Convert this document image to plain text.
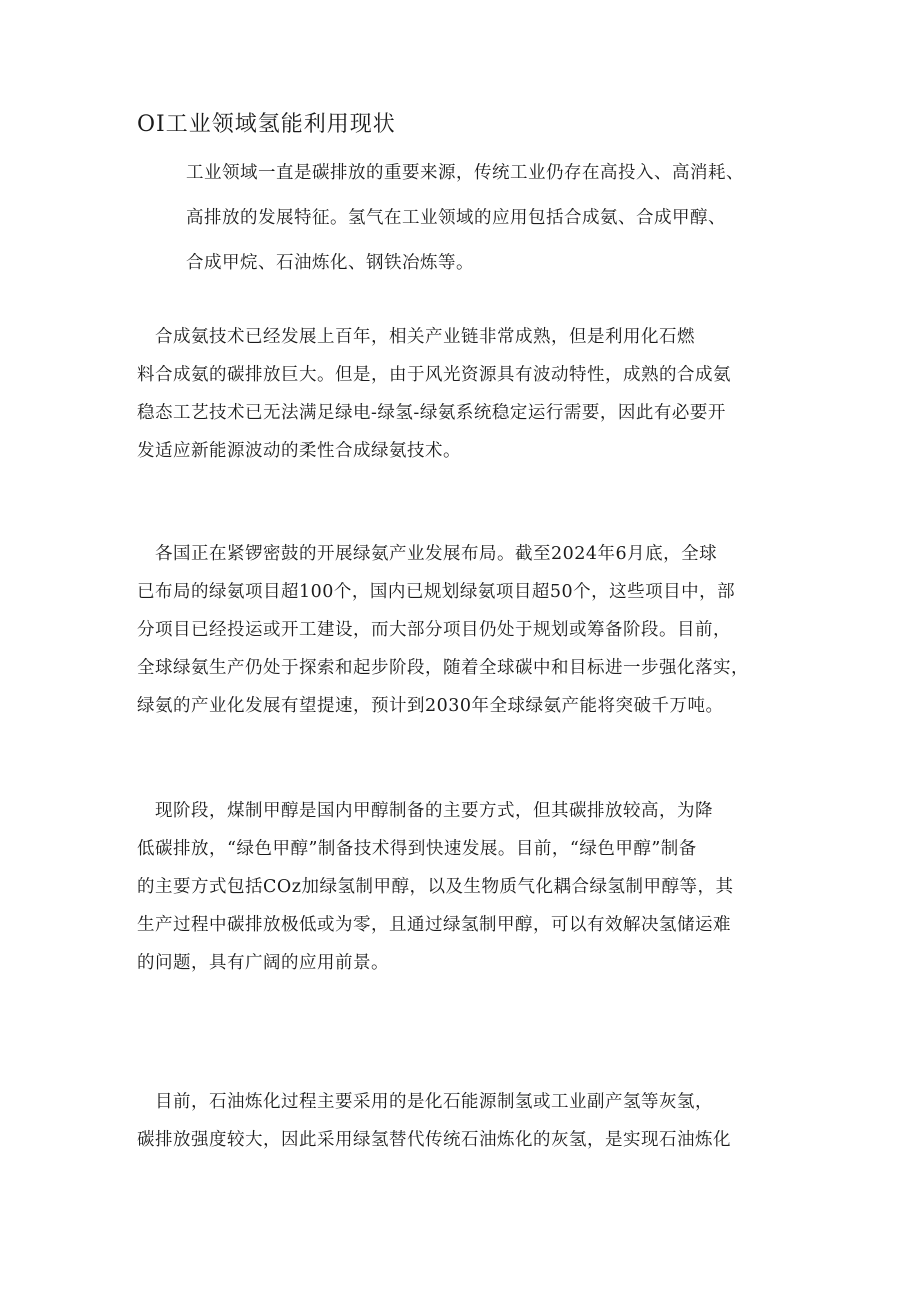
OI工业领域氢能利用现状
工业领域一直是碳排放的重要来源，传统工业仍存在高投入、高消耗、
高排放的发展特征。氢气在工业领域的应用包括合成氨、合成甲醇、
合成甲烷、石油炼化、钢铁冶炼等。
　合成氨技术已经发展上百年，相关产业链非常成熟，但是利用化石燃
料合成氨的碳排放巨大。但是，由于风光资源具有波动特性，成熟的合成氨
稳态工艺技术已无法满足绿电-绿氢-绿氨系统稳定运行需要，因此有必要开
发适应新能源波动的柔性合成绿氨技术。
　各国正在紧锣密鼓的开展绿氨产业发展布局。截至2024年6月底，全球
已布局的绿氨项目超100个，国内已规划绿氨项目超50个，这些项目中，部
分项目已经投运或开工建设，而大部分项目仍处于规划或筹备阶段。目前，
全球绿氨生产仍处于探索和起步阶段，随着全球碳中和目标进一步强化落实，
绿氨的产业化发展有望提速，预计到2030年全球绿氨产能将突破千万吨。
　现阶段，煤制甲醇是国内甲醇制备的主要方式，但其碳排放较高，为降
低碳排放，“绿色甲醇”制备技术得到快速发展。目前，“绿色甲醇”制备
的主要方式包括COz加绿氢制甲醇，以及生物质气化耦合绿氢制甲醇等，其
生产过程中碳排放极低或为零，且通过绿氢制甲醇，可以有效解决氢储运难
的问题，具有广阔的应用前景。
　目前，石油炼化过程主要采用的是化石能源制氢或工业副产氢等灰氢，
碳排放强度较大，因此采用绿氢替代传统石油炼化的灰氢，是实现石油炼化
